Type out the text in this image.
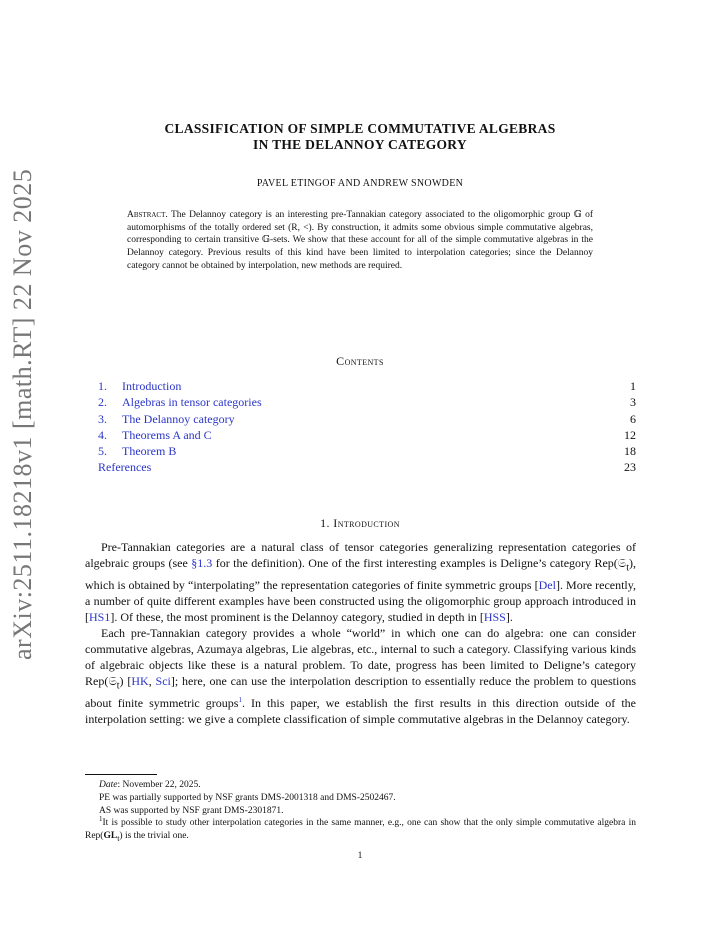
arXiv:2511.18218v1 [math.RT] 22 Nov 2025
CLASSIFICATION OF SIMPLE COMMUTATIVE ALGEBRAS
IN THE DELANNOY CATEGORY
PAVEL ETINGOF AND ANDREW SNOWDEN
Abstract. The Delannoy category is an interesting pre-Tannakian category associated to the oligomorphic group 𝔾 of automorphisms of the totally ordered set (R, <). By construction, it admits some obvious simple commutative algebras, corresponding to certain transitive 𝔾-sets. We show that these account for all of the simple commutative algebras in the Delannoy category. Previous results of this kind have been limited to interpolation categories; since the Delannoy category cannot be obtained by interpolation, new methods are required.
Contents
1. Introduction	1
2. Algebras in tensor categories	3
3. The Delannoy category	6
4. Theorems A and C	12
5. Theorem B	18
References	23
1. Introduction

Pre-Tannakian categories are a natural class of tensor categories generalizing representation categories of algebraic groups (see §1.3 for the definition). One of the first interesting examples is Deligne’s category Rep(𝔖$_t$), which is obtained by “interpolating” the representation categories of finite symmetric groups [Del]. More recently, a number of quite different examples have been constructed using the oligomorphic group approach introduced in [HS1]. Of these, the most prominent is the Delannoy category, studied in depth in [HSS].

Each pre-Tannakian category provides a whole “world” in which one can do algebra: one can consider commutative algebras, Azumaya algebras, Lie algebras, etc., internal to such a category. Classifying various kinds of algebraic objects like these is a natural problem. To date, progress has been limited to Deligne’s category Rep(𝔖$_t$) [HK, Sci]; here, one can use the interpolation description to essentially reduce the problem to questions about finite symmetric groups$^1$. In this paper, we establish the first results in this direction outside of the interpolation setting: we give a complete classification of simple commutative algebras in the Delannoy category.

Date: November 22, 2025.

PE was partially supported by NSF grants DMS-2001318 and DMS-2502467.

AS was supported by NSF grant DMS-2301871.

$^1$It is possible to study other interpolation categories in the same manner, e.g., one can show that the only simple commutative algebra in $Rep(GL_t)$ is the trivial one.

1
